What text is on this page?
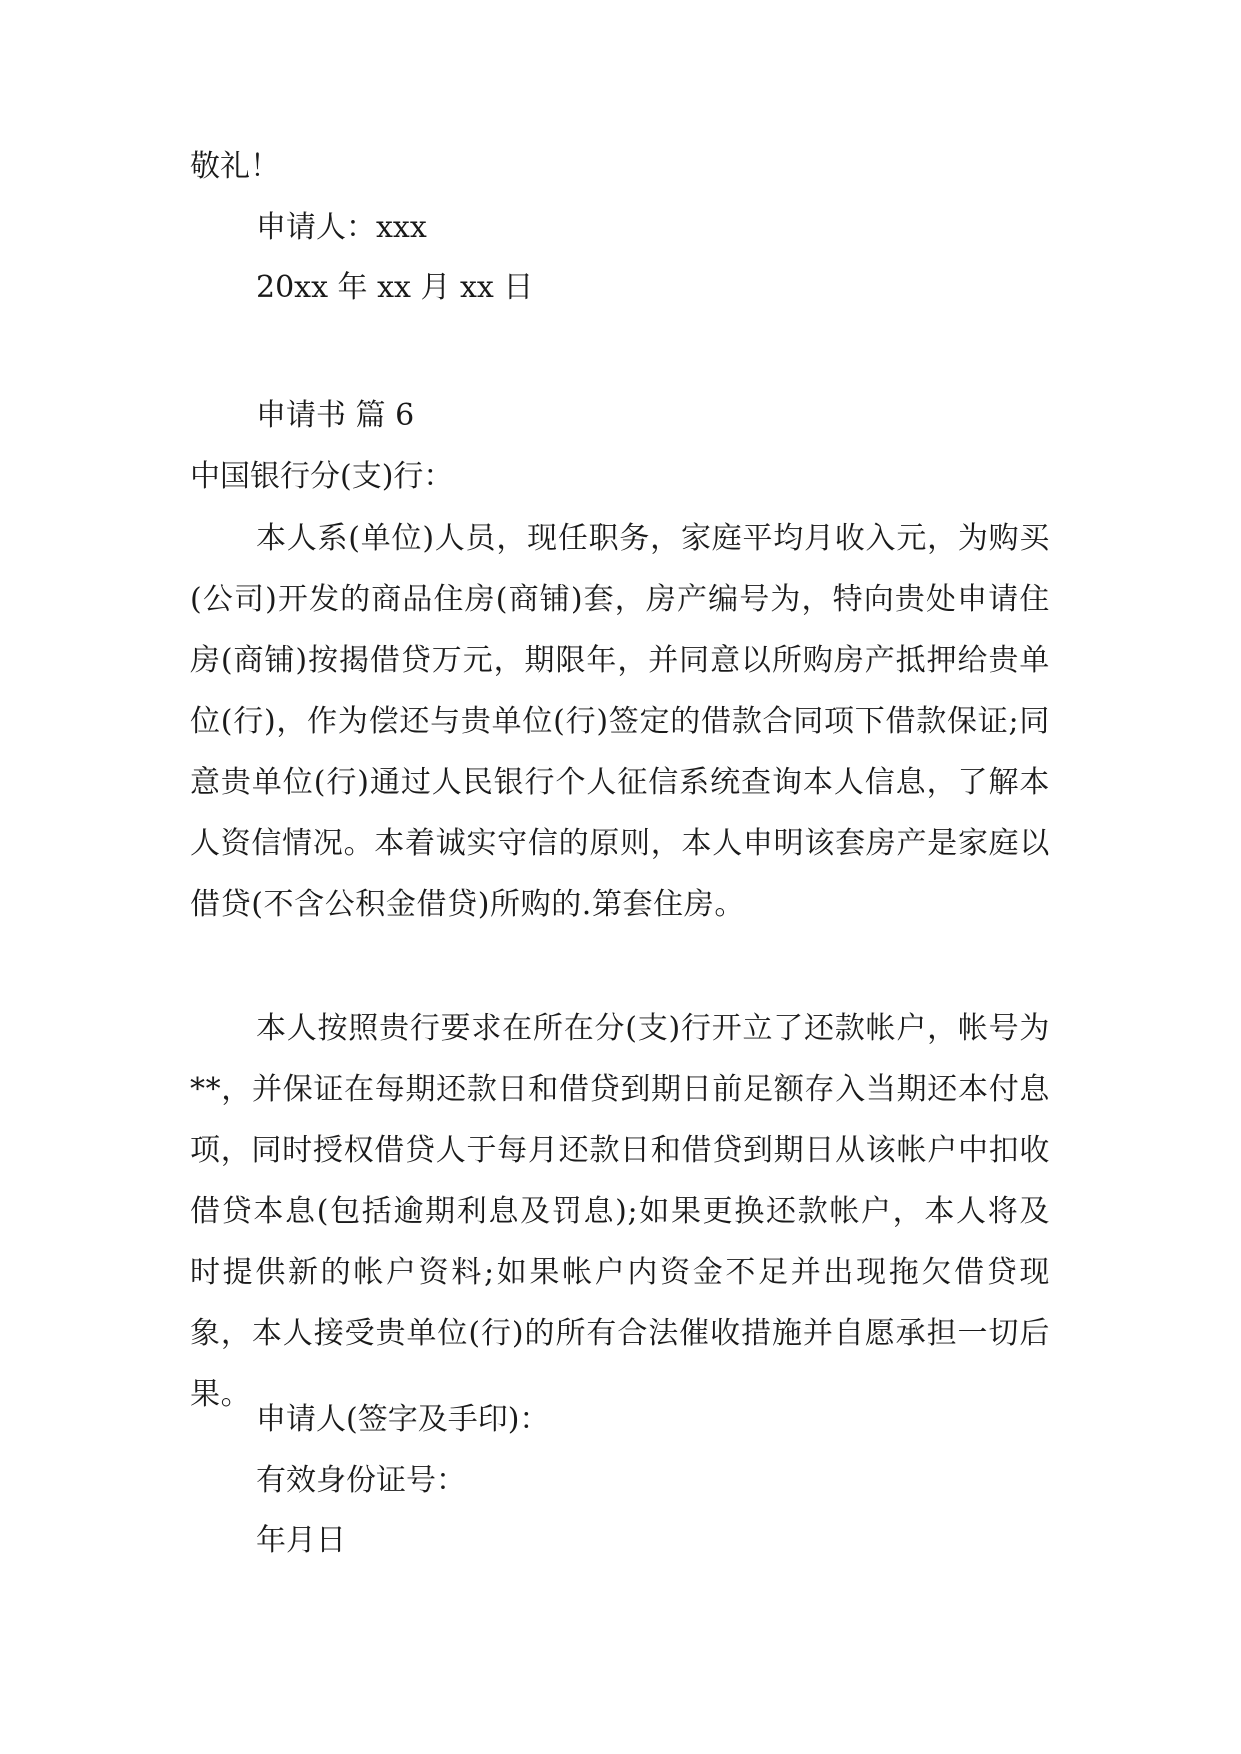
敬礼！
申请人：xxx
20xx 年 xx 月 xx 日
申请书 篇 6
中国银行分(支)行：
本人系(单位)人员，现任职务，家庭平均月收入元，为购买(公司)开发的商品住房(商铺)套，房产编号为，特向贵处申请住房(商铺)按揭借贷万元，期限年，并同意以所购房产抵押给贵单位(行)，作为偿还与贵单位(行)签定的借款合同项下借款保证;同意贵单位(行)通过人民银行个人征信系统查询本人信息，了解本人资信情况。本着诚实守信的原则，本人申明该套房产是家庭以借贷(不含公积金借贷)所购的.第套住房。
本人按照贵行要求在所在分(支)行开立了还款帐户，帐号为**，并保证在每期还款日和借贷到期日前足额存入当期还本付息项，同时授权借贷人于每月还款日和借贷到期日从该帐户中扣收借贷本息(包括逾期利息及罚息);如果更换还款帐户，本人将及时提供新的帐户资料;如果帐户内资金不足并出现拖欠借贷现象，本人接受贵单位(行)的所有合法催收措施并自愿承担一切后果。
申请人(签字及手印)：
有效身份证号：
年月日
